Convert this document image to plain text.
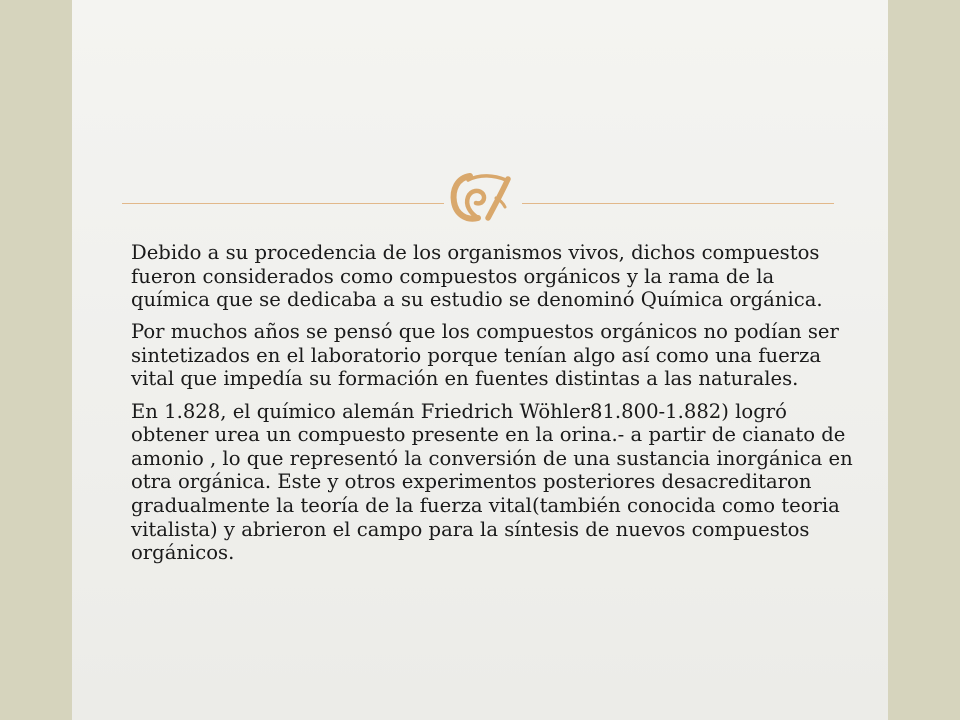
Debido a su procedencia de los organismos vivos, dichos compuestos fueron considerados como compuestos orgánicos y la rama de la química que se dedicaba a su estudio se denominó Química orgánica.
Por muchos años se pensó que los compuestos orgánicos no podían ser sintetizados en el laboratorio porque tenían algo así como una fuerza vital que impedía su formación en fuentes distintas a las naturales.
En 1.828, el químico alemán Friedrich Wöhler81.800-1.882) logró obtener urea un compuesto presente en la orina.- a partir de cianato de amonio , lo que representó la conversión de una sustancia inorgánica en otra orgánica. Este y otros experimentos posteriores desacreditaron gradualmente la teoría de la fuerza vital(también conocida como teoria vitalista) y abrieron el campo para la síntesis de nuevos compuestos orgánicos.
